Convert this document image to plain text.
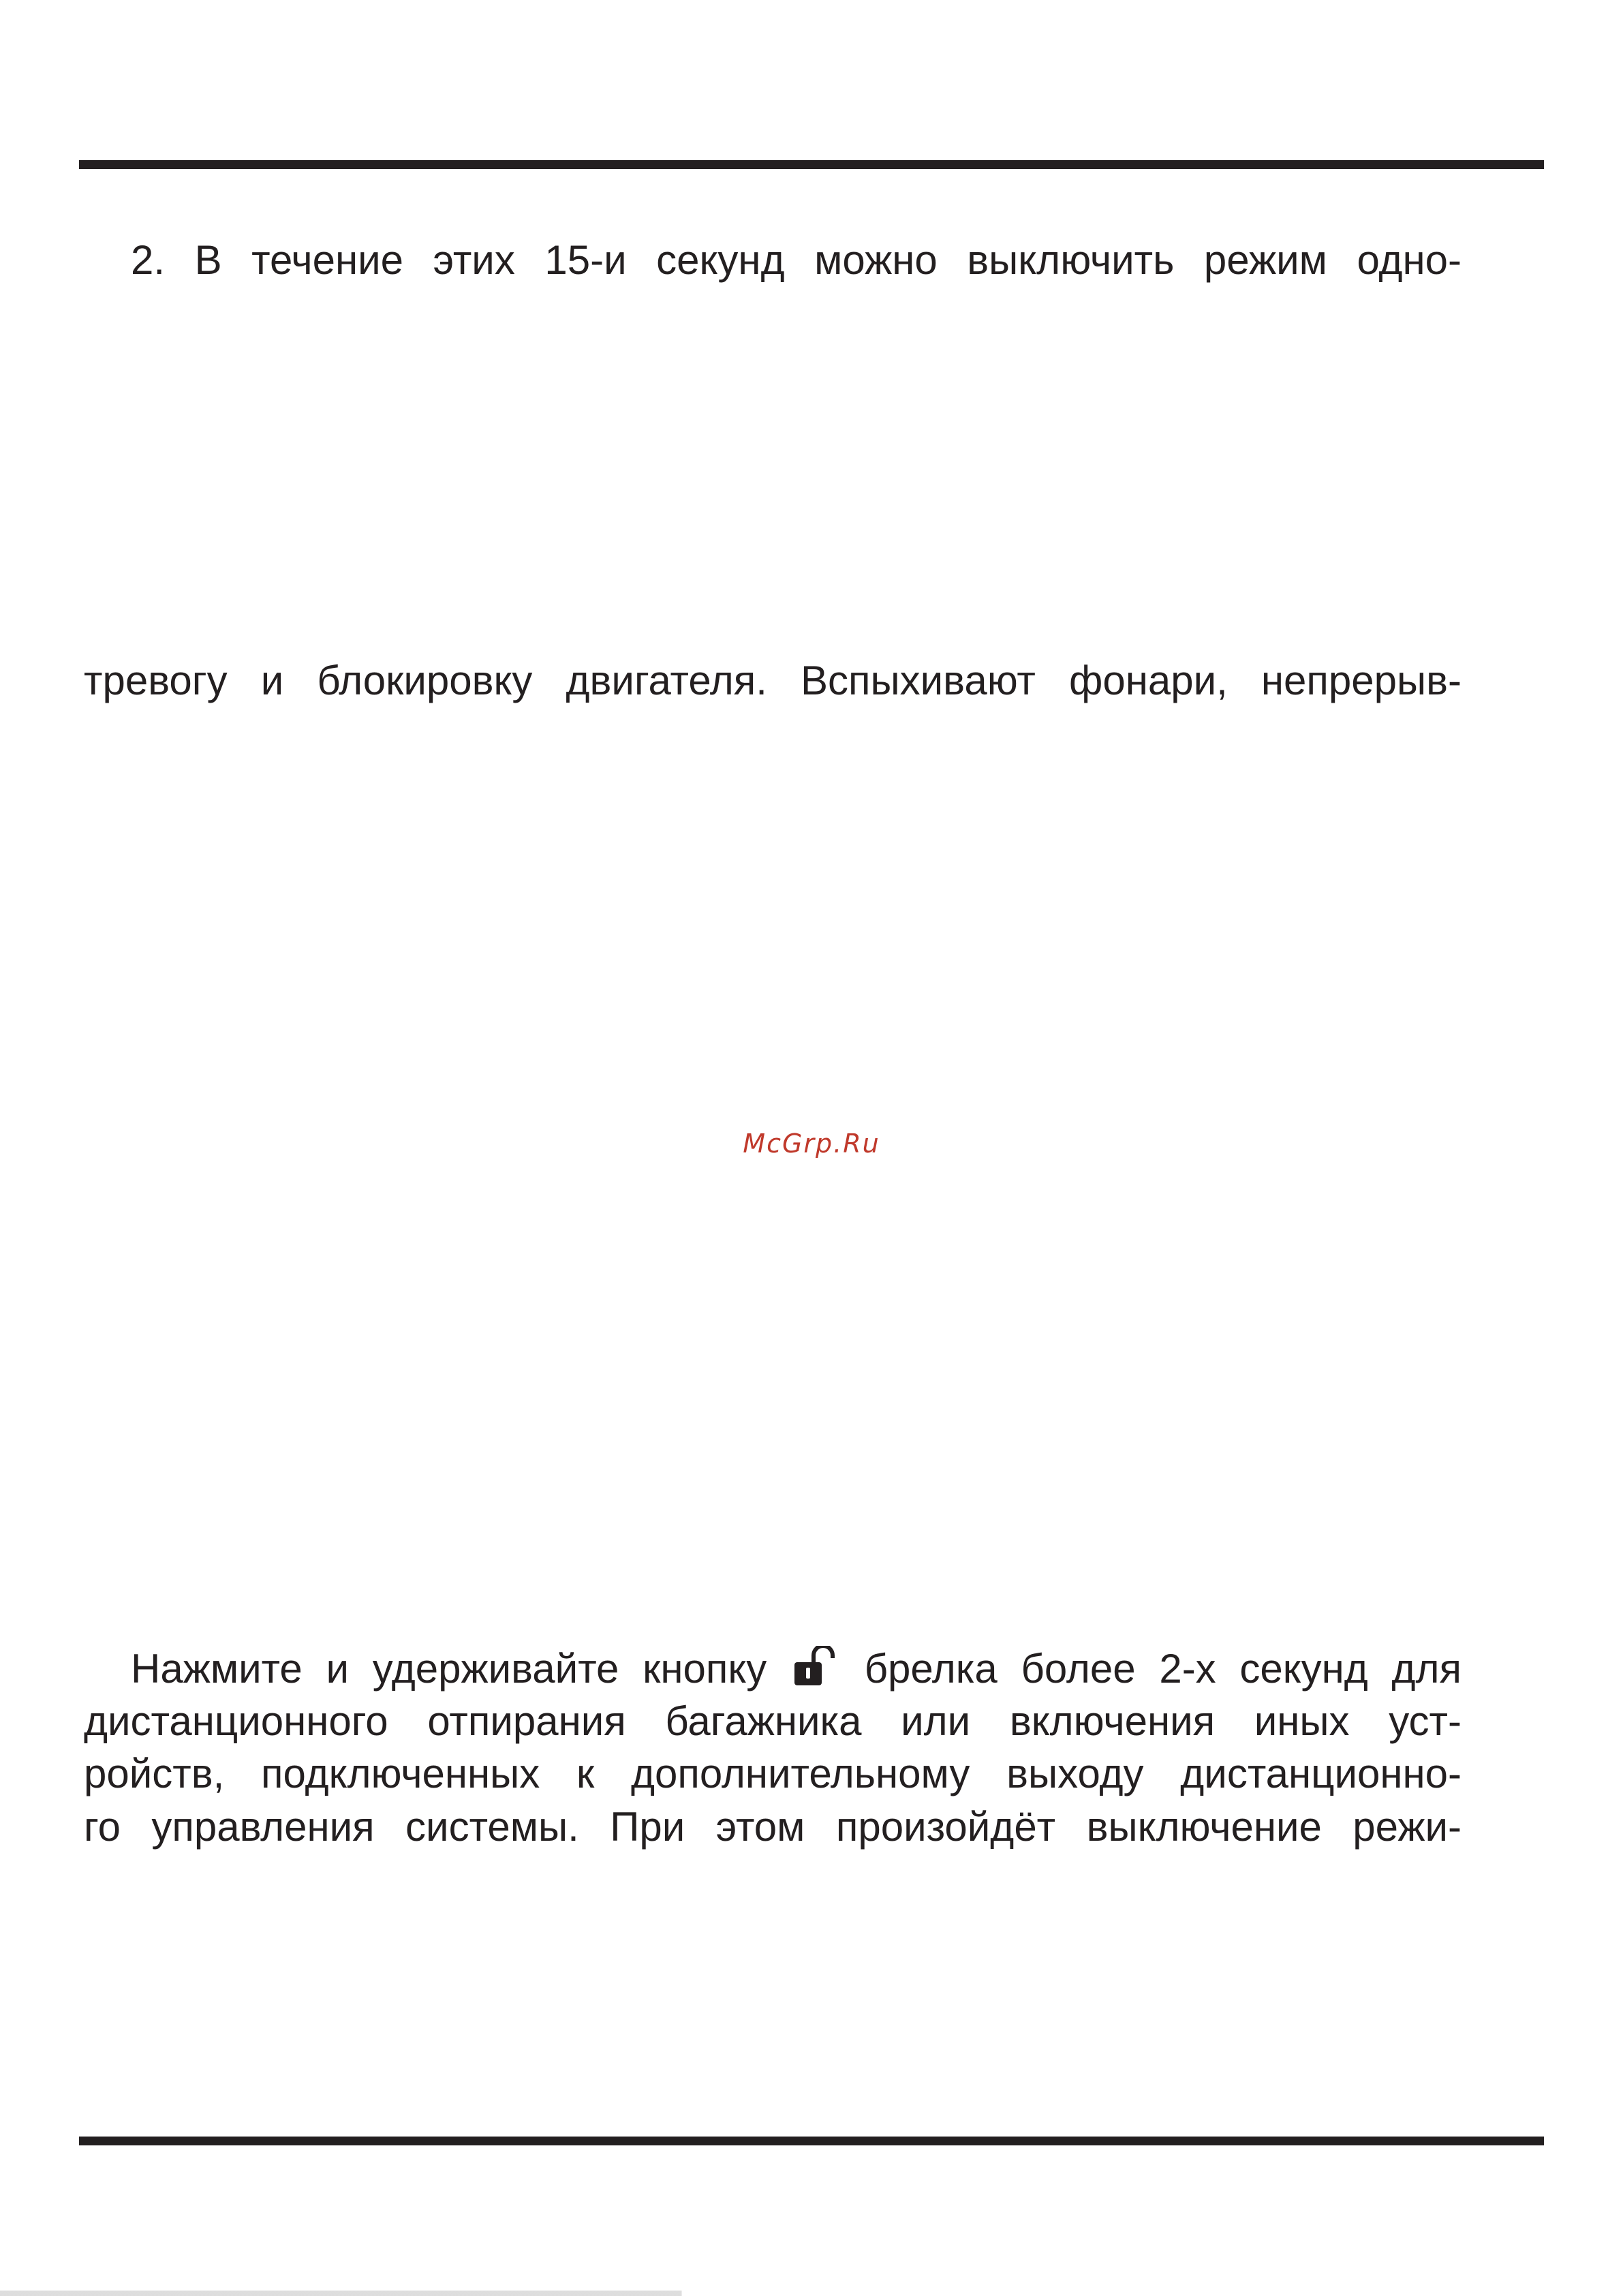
2. В течение этих 15-и секунд можно выключить режим одно-
тревогу и блокировку двигателя. Вспыхивают фонари, непрерыв-
McGrp.Ru
Нажмите и удерживайте кнопку брелка более 2-х секунд для
дистанционного отпирания багажника или включения иных уст-
ройств, подключенных к дополнительному выходу дистанционно-
го управления системы. При этом произойдёт выключение режи-
